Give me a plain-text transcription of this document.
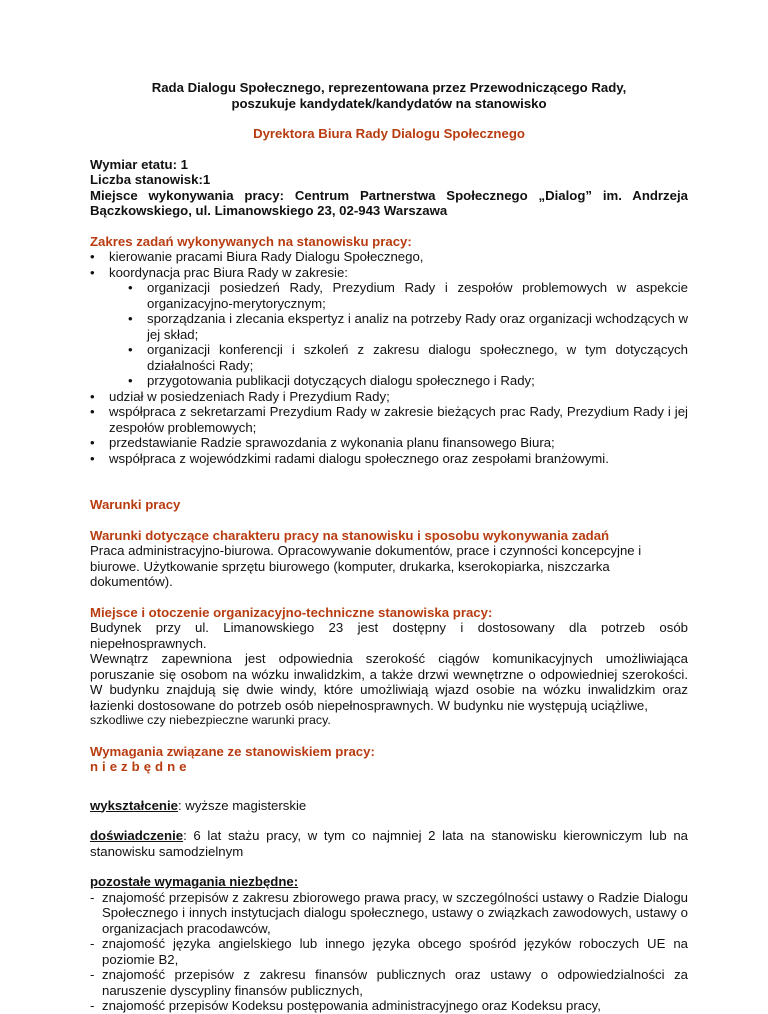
Rada Dialogu Społecznego, reprezentowana przez Przewodniczącego Rady,
poszukuje kandydatek/kandydatów na stanowisko
Dyrektora Biura Rady Dialogu Społecznego
Wymiar etatu: 1
Liczba stanowisk:1
Miejsce wykonywania pracy: Centrum Partnerstwa Społecznego „Dialog” im. Andrzeja Bączkowskiego, ul. Limanowskiego 23, 02-943 Warszawa
Zakres zadań wykonywanych na stanowisku pracy:
• kierowanie pracami Biura Rady Dialogu Społecznego,
• koordynacja prac Biura Rady w zakresie:
• organizacji posiedzeń Rady, Prezydium Rady i zespołów problemowych w aspekcie organizacyjno-merytorycznym;
• sporządzania i zlecania ekspertyz i analiz na potrzeby Rady oraz organizacji wchodzących w jej skład;
• organizacji konferencji i szkoleń z zakresu dialogu społecznego, w tym dotyczących działalności Rady;
• przygotowania publikacji dotyczących dialogu społecznego i Rady;
• udział w posiedzeniach Rady i Prezydium Rady;
• współpraca z sekretarzami Prezydium Rady w zakresie bieżących prac Rady, Prezydium Rady i jej zespołów problemowych;
• przedstawianie Radzie sprawozdania z wykonania planu finansowego Biura;
• współpraca z wojewódzkimi radami dialogu społecznego oraz zespołami branżowymi.
Warunki pracy
Warunki dotyczące charakteru pracy na stanowisku i sposobu wykonywania zadań
Praca administracyjno-biurowa. Opracowywanie dokumentów, prace i czynności koncepcyjne i biurowe. Użytkowanie sprzętu biurowego (komputer, drukarka, kserokopiarka, niszczarka dokumentów).
Miejsce i otoczenie organizacyjno-techniczne stanowiska pracy:
Budynek przy ul. Limanowskiego 23 jest dostępny i dostosowany dla potrzeb osób niepełnosprawnych.
Wewnątrz zapewniona jest odpowiednia szerokość ciągów komunikacyjnych umożliwiająca poruszanie się osobom na wózku inwalidzkim, a także drzwi wewnętrzne o odpowiedniej szerokości. W budynku znajdują się dwie windy, które umożliwiają wjazd osobie na wózku inwalidzkim oraz łazienki dostosowane do potrzeb osób niepełnosprawnych. W budynku nie występują uciążliwe,
szkodliwe czy niebezpieczne warunki pracy.
Wymagania związane ze stanowiskiem pracy:
niezbędne
wykształcenie: wyższe magisterskie
doświadczenie: 6 lat stażu pracy, w tym co najmniej 2 lata na stanowisku kierowniczym lub na stanowisku samodzielnym
pozostałe wymagania niezbędne:
- znajomość przepisów z zakresu zbiorowego prawa pracy, w szczególności ustawy o Radzie Dialogu Społecznego i innych instytucjach dialogu społecznego, ustawy o związkach zawodowych, ustawy o organizacjach pracodawców,
- znajomość języka angielskiego lub innego języka obcego spośród języków roboczych UE na poziomie B2,
- znajomość przepisów z zakresu finansów publicznych oraz ustawy o odpowiedzialności za naruszenie dyscypliny finansów publicznych,
- znajomość przepisów Kodeksu postępowania administracyjnego oraz Kodeksu pracy,
